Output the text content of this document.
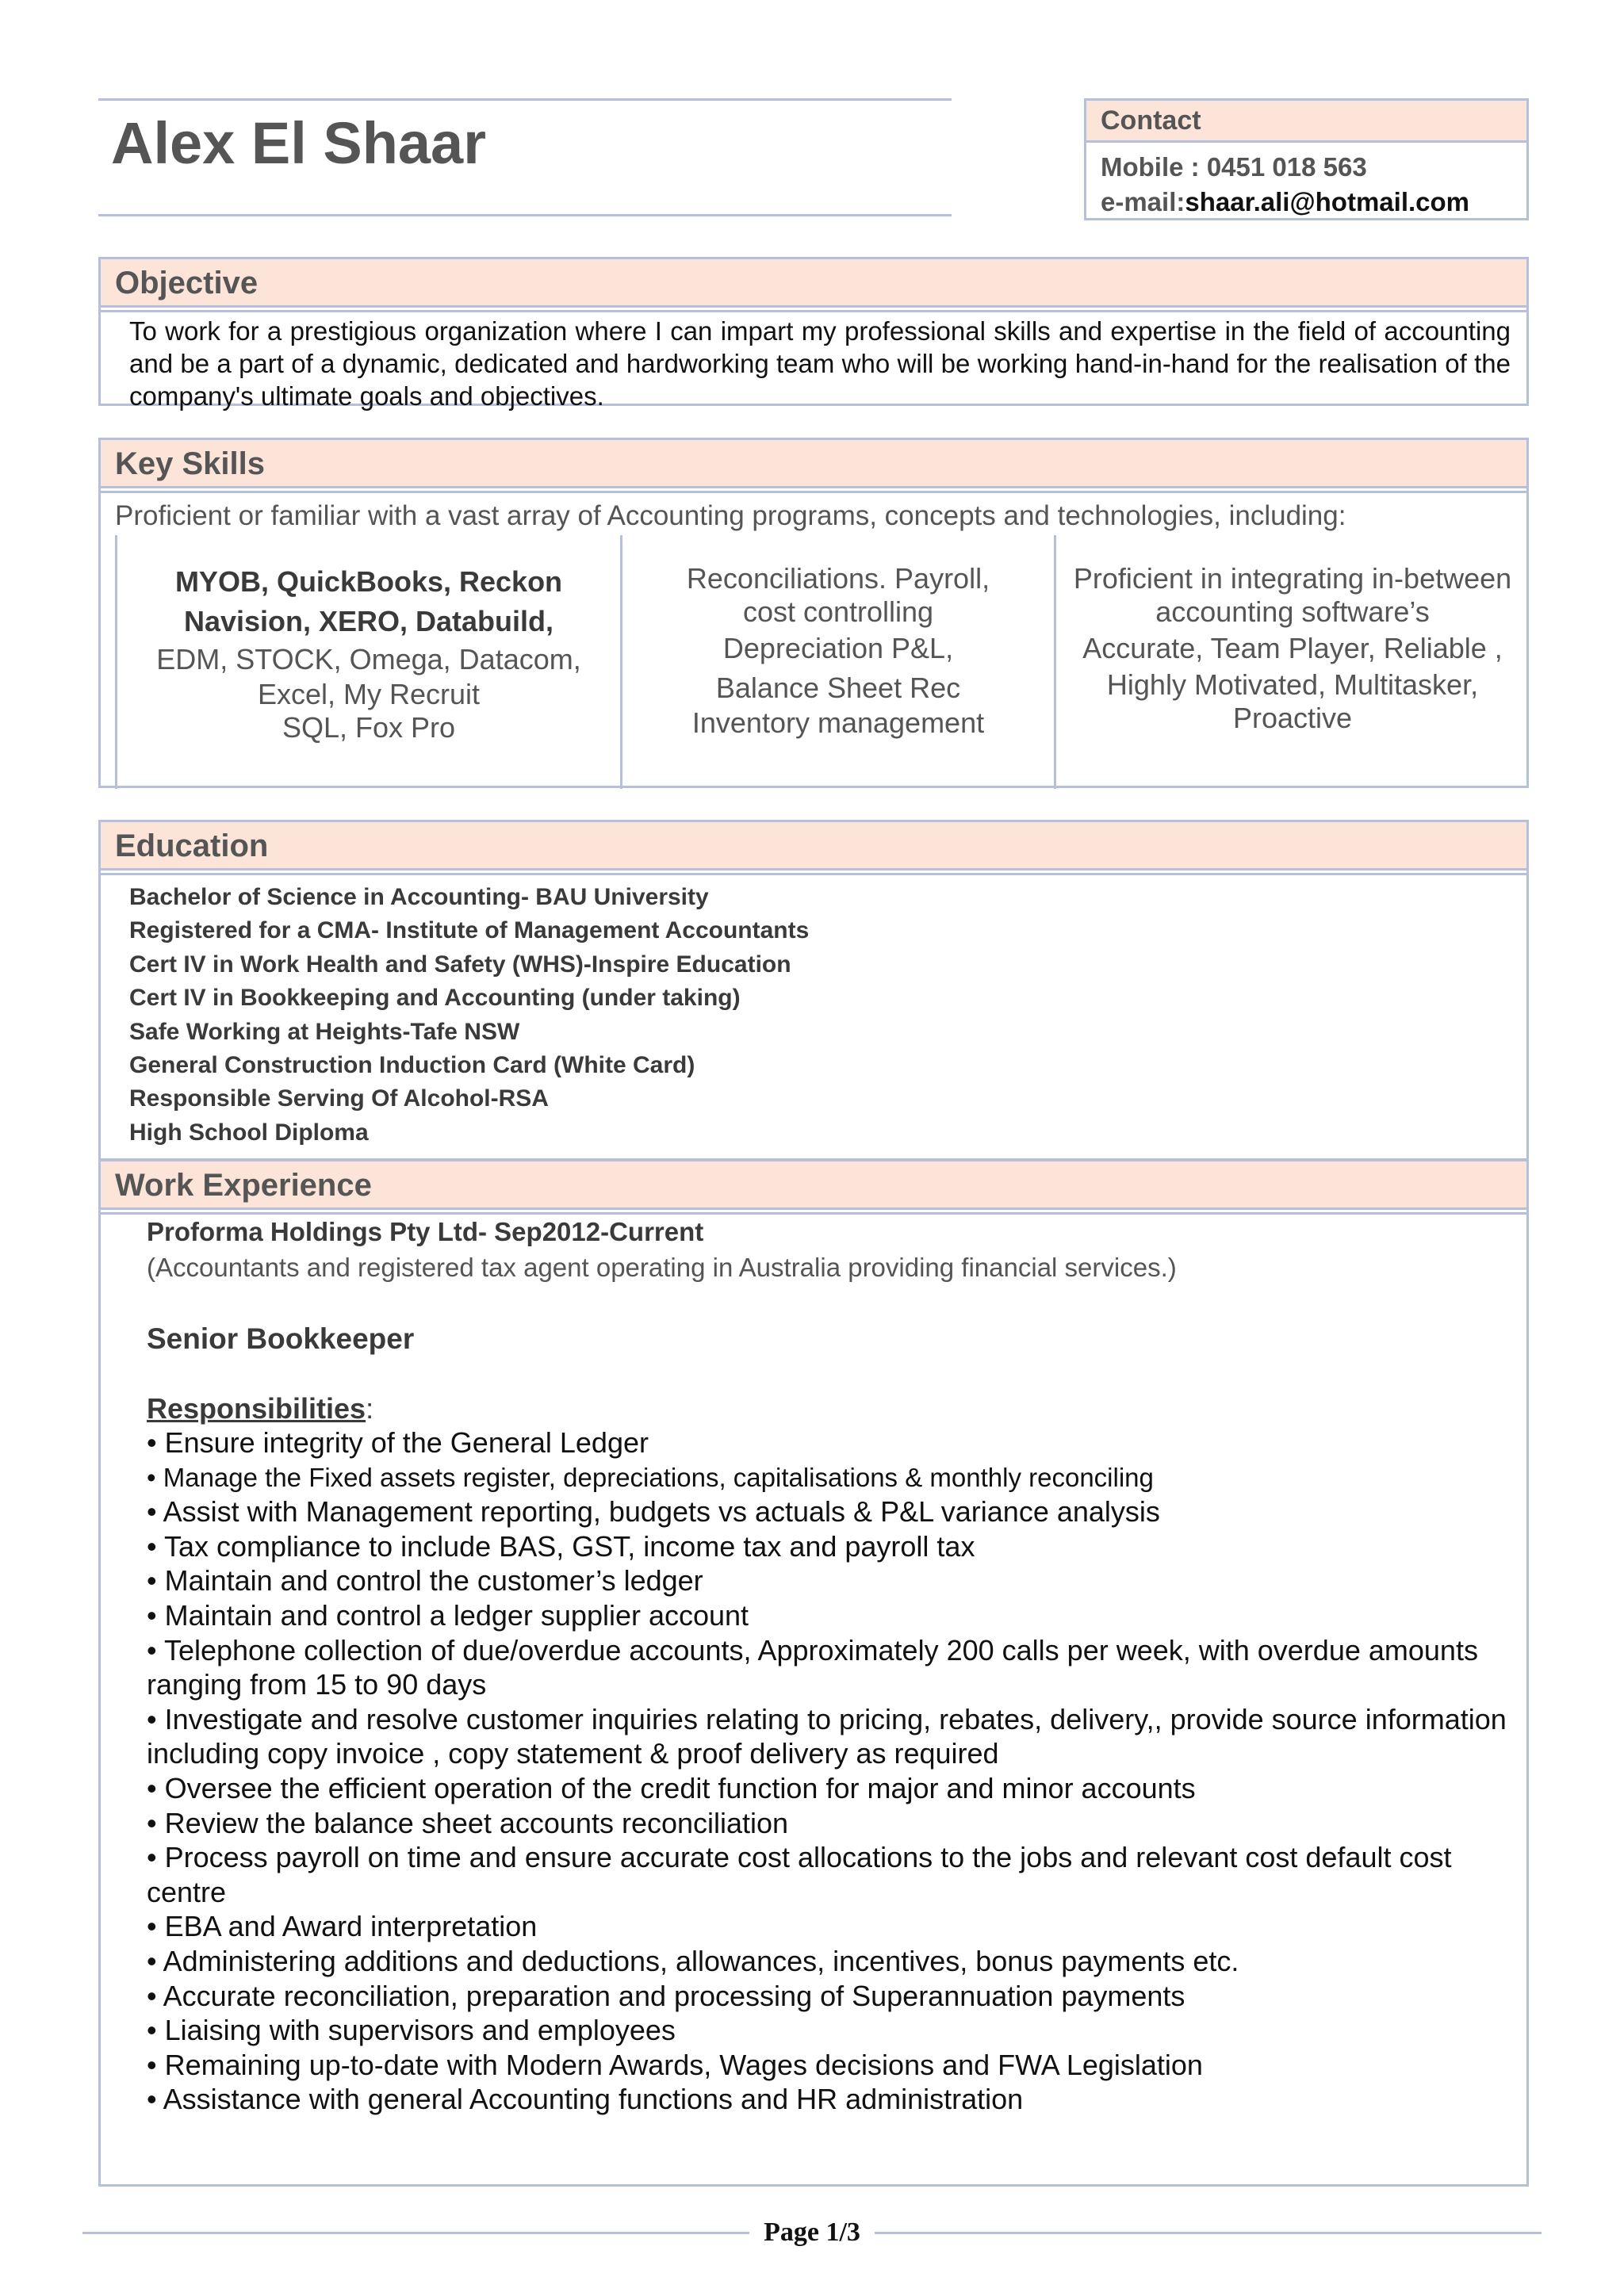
Alex El Shaar	Contact
Mobile : 0451 018 563
e-mail:shaar.ali@hotmail.com
Objective
To work for a prestigious organization where I can impart my professional skills and expertise in the field of accounting and be a part of a dynamic, dedicated and hardworking team who will be working hand-in-hand for the realisation of the company's ultimate goals and objectives.
Key Skills
Proficient or familiar with a vast array of Accounting programs, concepts and technologies, including:
MYOB, QuickBooks, Reckon
Navision, XERO, Databuild,
EDM, STOCK, Omega, Datacom,
Excel, My Recruit
SQL, Fox Pro
Reconciliations. Payroll,
cost controlling
Depreciation P&L,
Balance Sheet Rec
Inventory management
Proficient in integrating in-between
accounting software’s
Accurate, Team Player, Reliable ,
Highly Motivated, Multitasker,
Proactive
Education
Bachelor of Science in Accounting- BAU University
Registered for a CMA- Institute of Management Accountants
Cert IV in Work Health and Safety (WHS)-Inspire Education
Cert IV in Bookkeeping and Accounting (under taking)
Safe Working at Heights-Tafe NSW
General Construction Induction Card (White Card)
Responsible Serving Of Alcohol-RSA
High School Diploma
Work Experience
Proforma Holdings Pty Ltd- Sep2012-Current
(Accountants and registered tax agent operating in Australia providing financial services.)
Senior Bookkeeper
Responsibilities:
• Ensure integrity of the General Ledger
• Manage the Fixed assets register, depreciations, capitalisations & monthly reconciling
• Assist with Management reporting, budgets vs actuals & P&L variance analysis
• Tax compliance to include BAS, GST, income tax and payroll tax
• Maintain and control the customer’s ledger
• Maintain and control a ledger supplier account
• Telephone collection of due/overdue accounts, Approximately 200 calls per week, with overdue amounts ranging from 15 to 90 days
• Investigate and resolve customer inquiries relating to pricing, rebates, delivery,, provide source information including copy invoice , copy statement & proof delivery as required
• Oversee the efficient operation of the credit function for major and minor accounts
• Review the balance sheet accounts reconciliation
• Process payroll on time and ensure accurate cost allocations to the jobs and relevant cost default cost centre
• EBA and Award interpretation
• Administering additions and deductions, allowances, incentives, bonus payments etc.
• Accurate reconciliation, preparation and processing of Superannuation payments
• Liaising with supervisors and employees
• Remaining up-to-date with Modern Awards, Wages decisions and FWA Legislation
• Assistance with general Accounting functions and HR administration
Page 1/3
